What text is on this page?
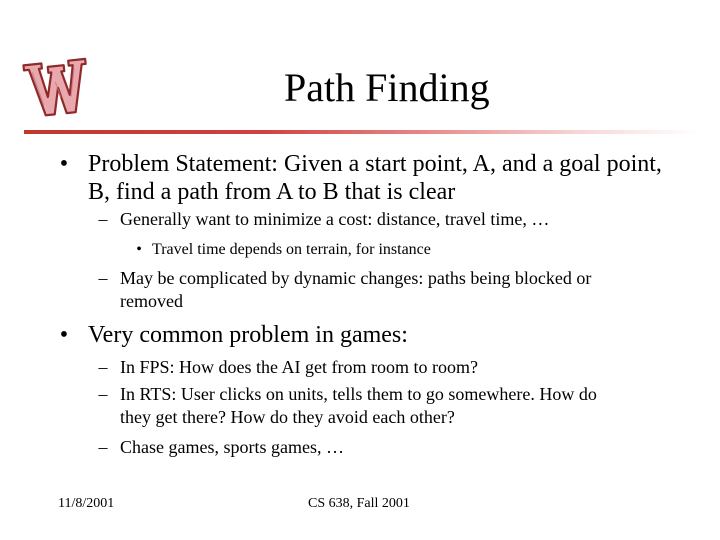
Path Finding
• Problem Statement: Given a start point, A, and a goal point,
B, find a path from A to B that is clear
– Generally want to minimize a cost: distance, travel time, …
• Travel time depends on terrain, for instance
– May be complicated by dynamic changes: paths being blocked or
removed
• Very common problem in games:
– In FPS: How does the AI get from room to room?
– In RTS: User clicks on units, tells them to go somewhere. How do
they get there? How do they avoid each other?
– Chase games, sports games, …
11/8/2001	CS 638, Fall 2001
